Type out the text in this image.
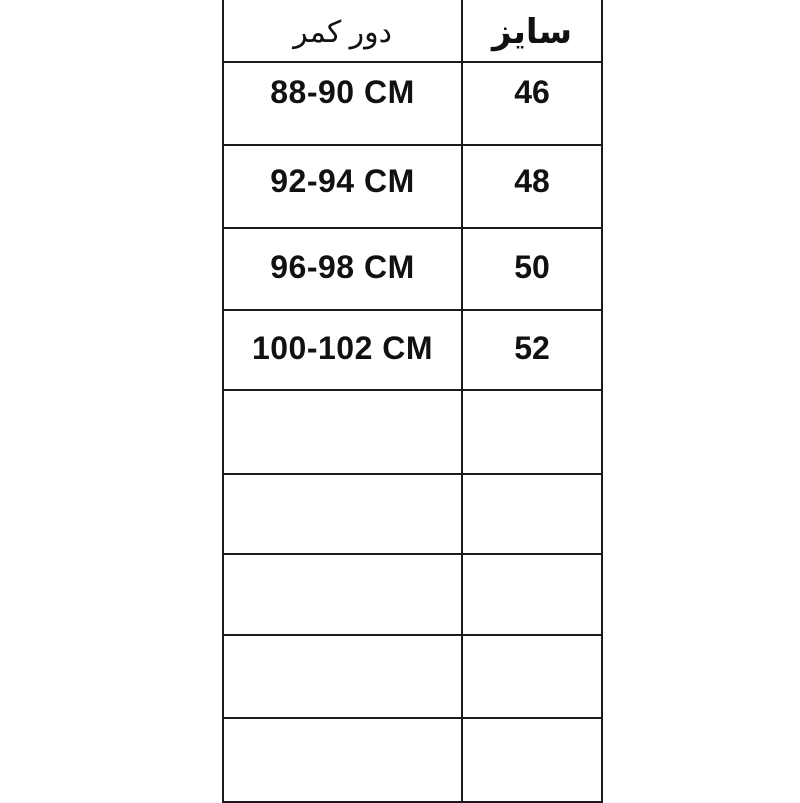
دور کمر	سایز
88-90 CM	46
92-94 CM	48
96-98 CM	50
100-102 CM	52
